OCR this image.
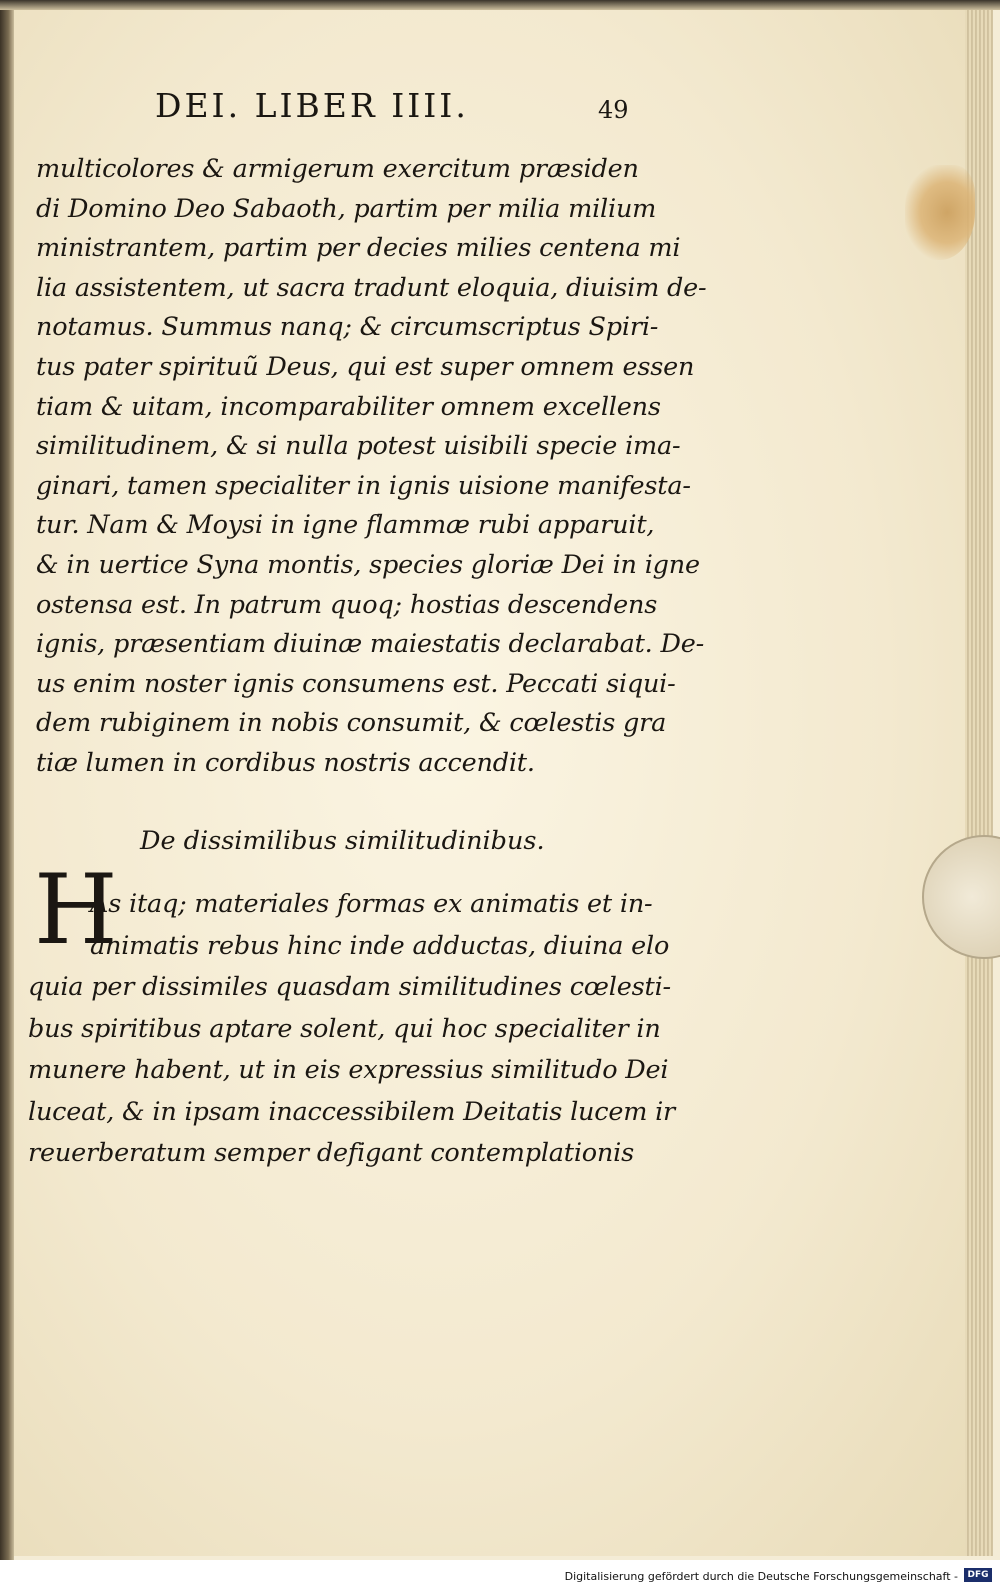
DEI. LIBER IIII.	49
multicolores & armigerum exercitum præsiden
di Domino Deo Sabaoth, partim per milia milium
ministrantem, partim per decies milies centena mi
lia assistentem, ut sacra tradunt eloquia, diuisim de-
notamus. Summus nanq; & circumscriptus Spiri-
tus pater spirituũ Deus, qui est super omnem essen
tiam & uitam, incomparabiliter omnem excellens
similitudinem, & si nulla potest uisibili specie ima-
ginari, tamen specialiter in ignis uisione manifesta-
tur. Nam & Moysi in igne flammæ rubi apparuit,
& in uertice Syna montis, species gloriæ Dei in igne
ostensa est. In patrum quoq; hostias descendens
ignis, præsentiam diuinæ maiestatis declarabat. De-
us enim noster ignis consumens est. Peccati siqui-
dem rubiginem in nobis consumit, & cœlestis gra
tiæ lumen in cordibus nostris accendit.
De dissimilibus similitudinibus.
H
As itaq; materiales formas ex animatis et in-
animatis rebus hinc inde adductas, diuina elo
quia per dissimiles quasdam similitudines cœlesti-
bus spiritibus aptare solent, qui hoc specialiter in
munere habent, ut in eis expressius similitudo Dei
luceat, & in ipsam inaccessibilem Deitatis lucem ir
reuerberatum semper defigant contemplationis
Digitalisierung gefördert durch die Deutsche Forschungsgemeinschaft -	DFG
